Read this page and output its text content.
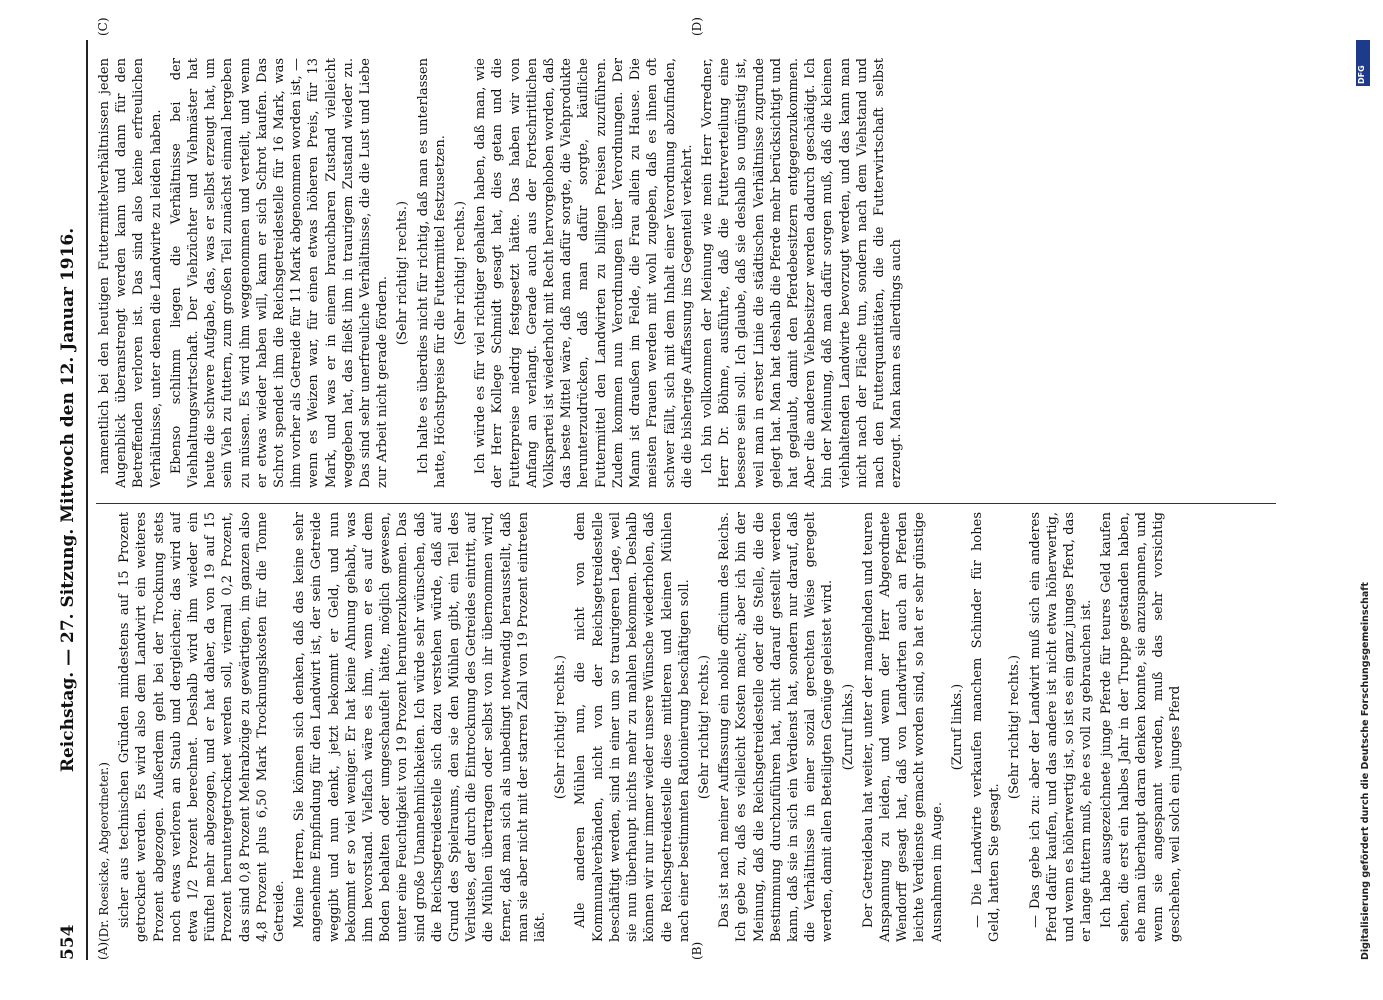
554
Reichstag. — 27. Sitzung. Mittwoch den 12. Januar 1916.
(A)	(B)
(C)	(D)

(Dr. Roesicke, Abgeordneter.) sicher aus technischen Gründen mindestens auf 15 Prozent getrocknet werden. Es wird also dem Landwirt ein weiteres Prozent abgezogen. Außerdem geht bei der Trocknung stets noch etwas verloren an Staub und dergleichen; das wird auf etwa 1/2 Prozent berechnet. Deshalb wird ihm wieder ein Fünftel mehr abgezogen, und er hat daher, da von 19 auf 15 Prozent heruntergetrocknet werden soll, viermal 0,2 Prozent, das sind 0,8 Prozent Mehrabzüge zu gewärtigen, im ganzen also 4,8 Prozent plus 6,50 Mark Trocknungskosten für die Tonne Getreide. Meine Herren, Sie können sich denken, daß das keine sehr angenehme Empfindung für den Landwirt ist, der sein Getreide weggibt und nun denkt, jetzt bekommt er Geld, und nun bekommt er so viel weniger. Er hat keine Ahnung gehabt, was ihm bevorstand. Vielfach wäre es ihm, wenn er es auf dem Boden behalten oder umgeschaufelt hätte, möglich gewesen, unter eine Feuchtigkeit von 19 Prozent herunterzukommen. Das sind große Unannehmlichkeiten. Ich würde sehr wünschen, daß die Reichsgetreidestelle sich dazu verstehen würde, daß auf Grund des Spielraums, den sie den Mühlen gibt, ein Teil des Verlustes, der durch die Eintrocknung des Getreides eintritt, auf die Mühlen übertragen oder selbst von ihr übernommen wird, ferner, daß man sich als unbedingt notwendig herausstellt, daß man sie aber nicht mit der starren Zahl von 19 Prozent eintreten läßt.

(Sehr richtig! rechts.) Alle anderen Mühlen nun, die nicht von dem Kommunalverbänden, nicht von der Reichsgetreidestelle beschäftigt werden, sind in einer um so traurigeren Lage, weil sie nun überhaupt nichts mehr zu mahlen bekommen. Deshalb können wir nur immer wieder unsere Wünsche wiederholen, daß die Reichsgetreidestelle diese mittleren und kleinen Mühlen nach einer bestimmten Rationierung beschäftigen soll. (Sehr richtig! rechts.) Das ist nach meiner Auffassung ein nobile officium des Reichs. Ich gebe zu, daß es vielleicht Kosten macht; aber ich bin der Meinung, daß die Reichsgetreidestelle oder die Stelle, die die Bestimmung durchzuführen hat, nicht darauf gestellt werden kann, daß sie in sich ein Verdienst hat, sondern nur darauf, daß die Verhältnisse in einer sozial gerechten Weise geregelt werden, damit allen Beteiligten Genüge geleistet wird. (Zuruf links.) Der Getreidebau hat weiter, unter der mangelnden und teuren Anspannung zu leiden, und wenn der Herr Abgeordnete Wendorff gesagt hat, daß von Landwirten auch an Pferden leichte Verdienste gemacht worden sind, so hat er sehr günstige Ausnahmen im Auge.

(Zuruf links.) — Die Landwirte verkaufen manchem Schinder für hohes Geld, hatten Sie gesagt.

(Sehr richtig! rechts.) — Das gebe ich zu: aber der Landwirt muß sich ein anderes Pferd dafür kaufen, und das andere ist nicht etwa höherwertig, und wenn es höherwertig ist, so ist es ein ganz junges Pferd, das er lange futtern muß, ehe es voll zu gebrauchen ist. Ich habe ausgezeichnete junge Pferde für teures Geld kaufen sehen, die erst ein halbes Jahr in der Truppe gestanden haben, ehe man überhaupt daran denken konnte, sie anzuspannen, und wenn sie angespannt werden, muß das sehr vorsichtig geschehen, weil solch ein junges Pferd

namentlich bei den heutigen Futtermittelverhältnissen jeden Augenblick überanstrengt werden kann und dann für den Betreffenden verloren ist. Das sind also keine erfreulichen Verhältnisse, unter denen die Landwirte zu leiden haben. Ebenso schlimm liegen die Verhältnisse bei der Viehhaltungswirtschaft. Der Viehzüchter und Viehmäster hat heute die schwere Aufgabe, das, was er selbst erzeugt hat, um sein Vieh zu futtern, zum großen Teil zunächst einmal hergeben zu müssen. Es wird ihm weggenommen und verteilt, und wenn er etwas wieder haben will, kann er sich Schrot kaufen. Das Schrot spendet ihm die Reichsgetreidestelle für 16 Mark, was ihm vorher als Getreide für 11 Mark abgenommen worden ist, — wenn es Weizen war, für einen etwas höheren Preis, für 13 Mark, und was er in einem brauchbaren Zustand vielleicht weggeben hat, das fließt ihm in traurigem Zustand wieder zu. Das sind sehr unerfreuliche Verhältnisse, die die Lust und Liebe zur Arbeit nicht gerade fördern.

(Sehr richtig! rechts.) Ich halte es überdies nicht für richtig, daß man es unterlassen hatte, Höchstpreise für die Futtermittel festzusetzen. (Sehr richtig! rechts.) Ich würde es für viel richtiger gehalten haben, daß man, wie der Herr Kollege Schmidt gesagt hat, dies getan und die Futterpreise niedrig festgesetzt hätte. Das haben wir von Anfang an verlangt. Gerade auch aus der Fortschrittlichen Volkspartei ist wiederholt mit Recht hervorgehoben worden, daß das beste Mittel wäre, daß man dafür sorgte, die Viehprodukte herunterzudrücken, daß man dafür sorgte, käufliche Futtermittel den Landwirten zu billigen Preisen zuzuführen. Zudem kommen nun Verordnungen über Verordnungen. Der Mann ist draußen im Felde, die Frau allein zu Hause. Die meisten Frauen werden mit wohl zugeben, daß es ihnen oft schwer fällt, sich mit dem Inhalt einer Verordnung abzufinden, die die bisherige Auffassung ins Gegenteil verkehrt. Ich bin vollkommen der Meinung wie mein Herr Vorredner, Herr Dr. Böhme, ausführte, daß die Futterverteilung eine bessere sein soll. Ich glaube, daß sie deshalb so ungünstig ist, weil man in erster Linie die städtischen Verhältnisse zugrunde gelegt hat. Man hat deshalb die Pferde mehr berücksichtigt und hat geglaubt, damit den Pferdebesitzern entgegenzukommen. Aber die anderen Viehbesitzer werden dadurch geschädigt. Ich bin der Meinung, daß man dafür sorgen muß, daß die kleinen viehhaltenden Landwirte bevorzugt werden, und das kann man nicht nach der Fläche tun, sondern nach dem Viehstand und nach den Futterquantitäten, die die Futterwirtschaft selbst erzeugt. Man kann es allerdings auch

DFG
Digitalisierung gefördert durch die Deutsche Forschungsgemeinschaft
